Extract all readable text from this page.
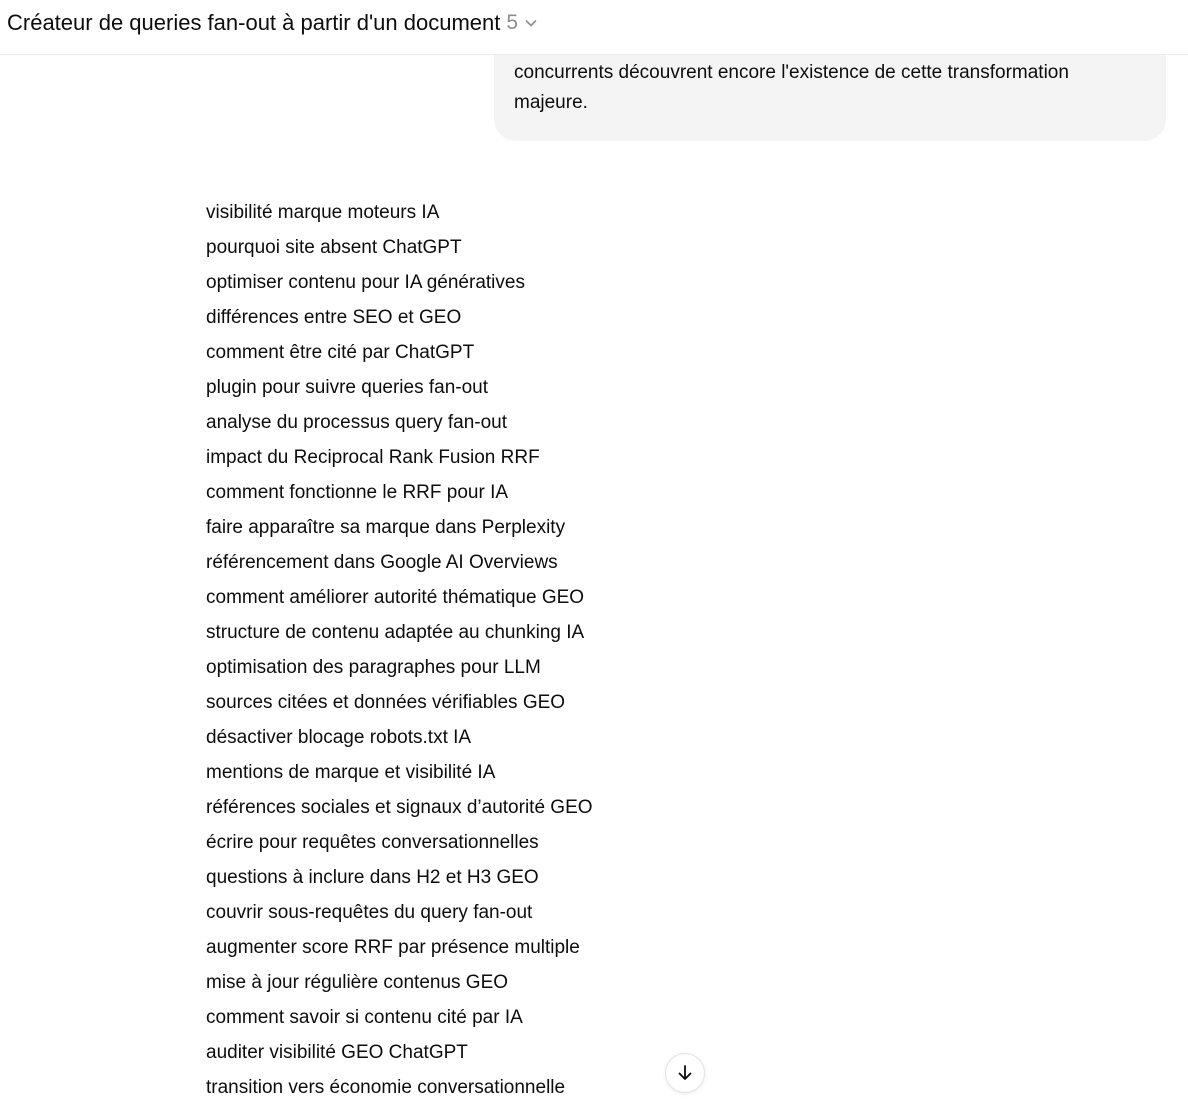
concurrents découvrent encore l'existence de cette transformation
majeure.
visibilité marque moteurs IA
pourquoi site absent ChatGPT
optimiser contenu pour IA génératives
différences entre SEO et GEO
comment être cité par ChatGPT
plugin pour suivre queries fan-out
analyse du processus query fan-out
impact du Reciprocal Rank Fusion RRF
comment fonctionne le RRF pour IA
faire apparaître sa marque dans Perplexity
référencement dans Google AI Overviews
comment améliorer autorité thématique GEO
structure de contenu adaptée au chunking IA
optimisation des paragraphes pour LLM
sources citées et données vérifiables GEO
désactiver blocage robots.txt IA
mentions de marque et visibilité IA
références sociales et signaux d’autorité GEO
écrire pour requêtes conversationnelles
questions à inclure dans H2 et H3 GEO
couvrir sous-requêtes du query fan-out
augmenter score RRF par présence multiple
mise à jour régulière contenus GEO
comment savoir si contenu cité par IA
auditer visibilité GEO ChatGPT
transition vers économie conversationnelle
Créateur de queries fan-out à partir d'un document 5
